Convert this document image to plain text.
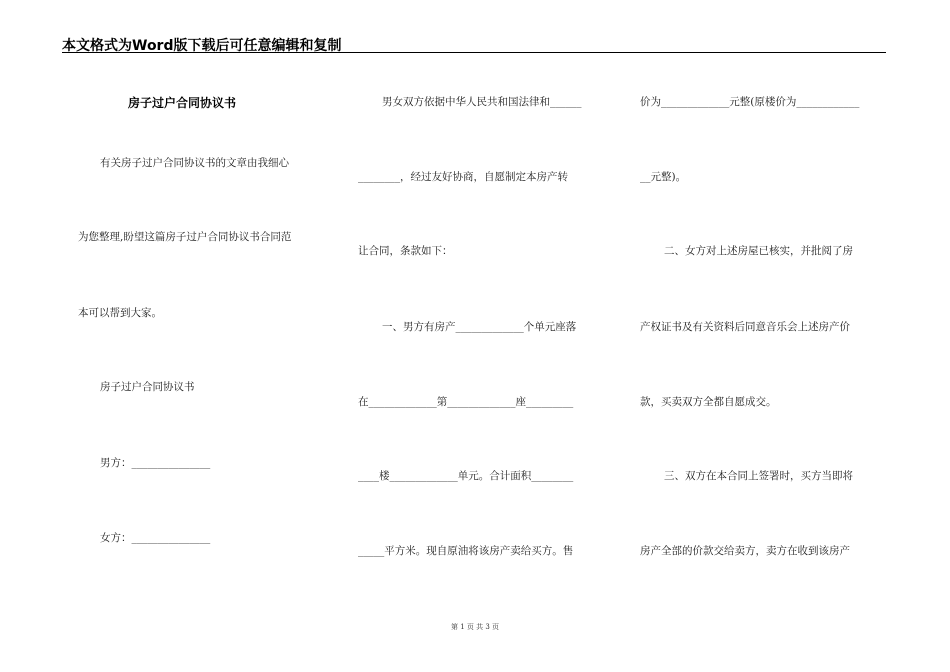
本文格式为Word版下载后可任意编辑和复制
房子过户合同协议书
有关房子过户合同协议书的文章由我细心
为您整理,盼望这篇房子过户合同协议书合同范
本可以帮到大家。
房子过户合同协议书
男方：_______________
女方：_______________
男女双方依据中华人民共和国法律和______
________，经过友好协商，自愿制定本房产转
让合同，条款如下：
一、男方有房产_____________个单元座落
在_____________第_____________座_________
____楼_____________单元。合计面积________
_____平方米。现自原油将该房产卖给买方。售
价为_____________元整(原楼价为____________
__元整)。
二、女方对上述房屋已核实，并批阅了房
产权证书及有关资料后同意音乐会上述房产价
款，买卖双方全都自愿成交。
三、双方在本合同上签署时，买方当即将
房产全部的价款交给卖方，卖方在收到该房产
第 1 页 共 3 页
